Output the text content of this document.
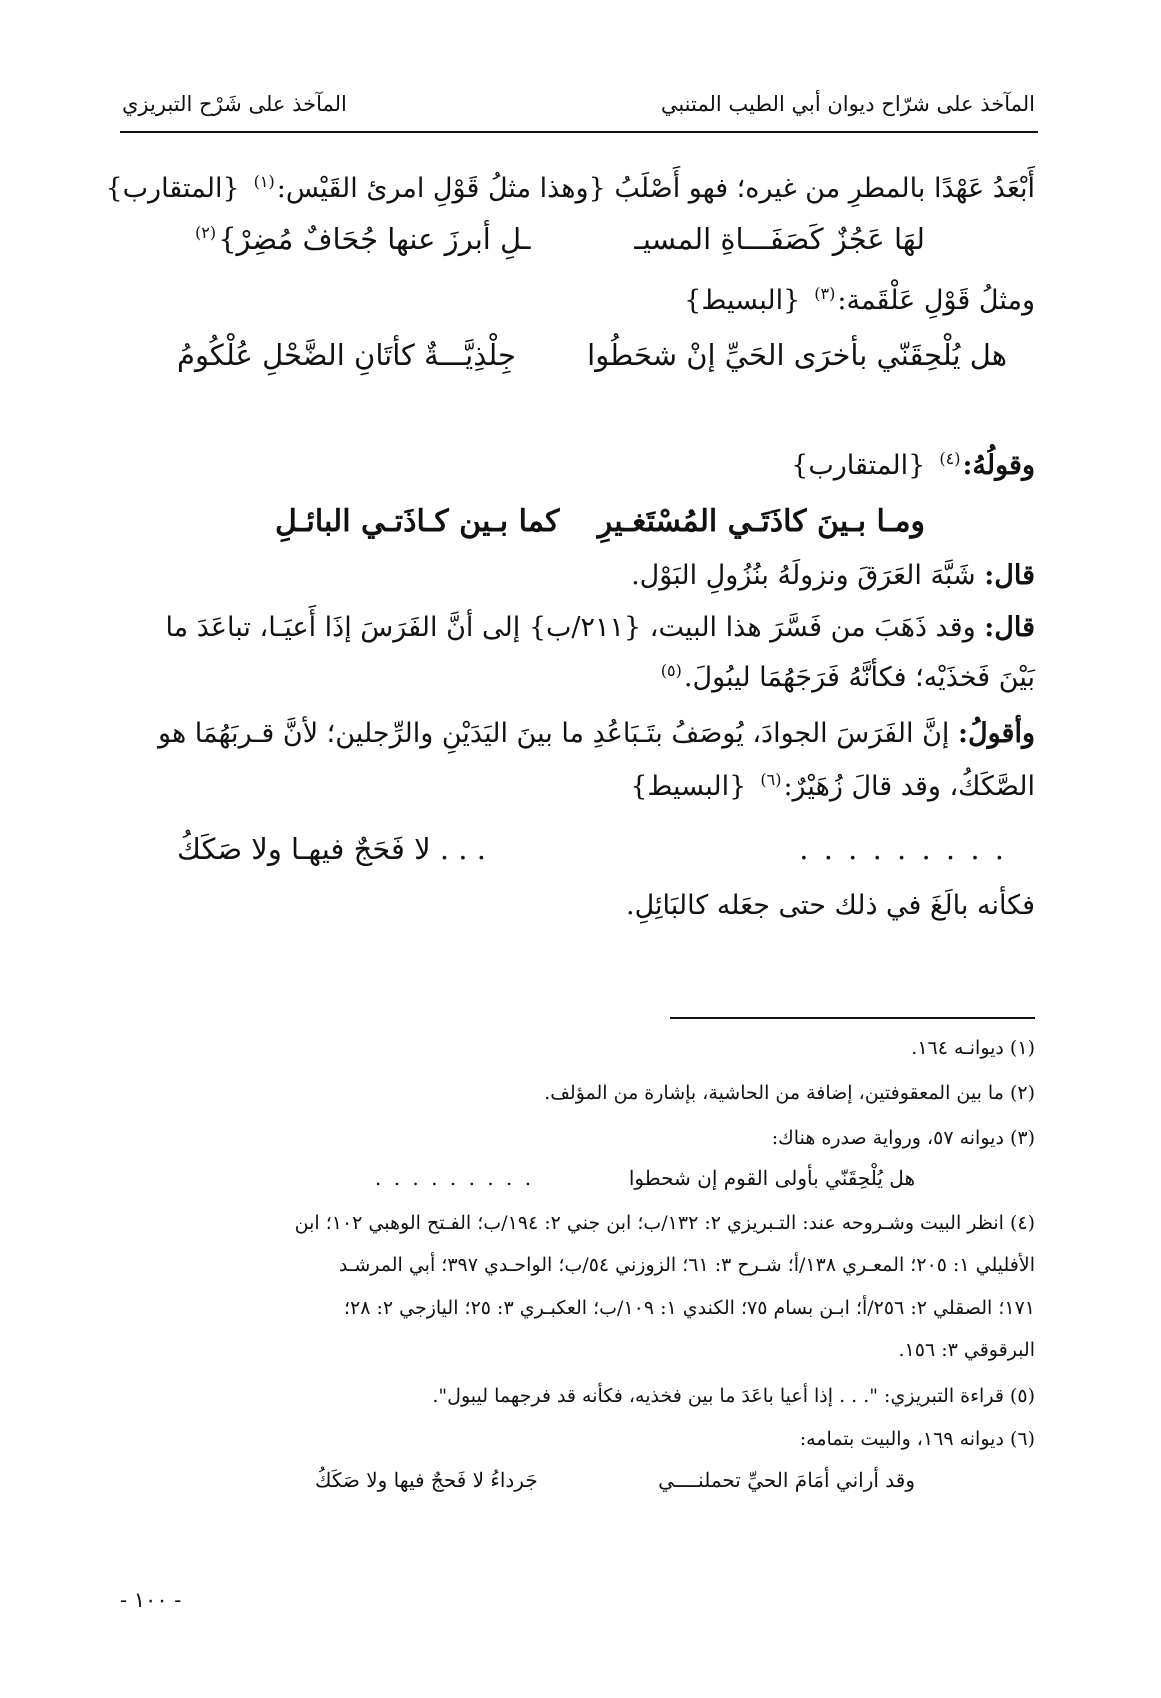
المآخذ على شرّاح ديوان أبي الطيب المتنبي
المآخذ على شَرْح التبريزي
أَبْعَدُ عَهْدًا بالمطرِ من غيره؛ فهو أَصْلَبُ {وهذا مثلُ قَوْلِ امرئ القَيْس:$^{(١)}${المتقارب}
لهَا عَجُزٌ كَصَفَـــاةِ المسيـ
ـلِ أبرزَ عنها جُحَافٌ مُضِرْ}$^{(٢)}$
ومثلُ قَوْلِ عَلْقَمة:$^{(٣)}${البسيط}
هل يُلْحِقَنّي بأخرَى الحَيِّ إنْ شحَطُوا
جِلْذِيَّـــةٌ كأتَانِ الضَّحْلِ عُلْكُومُ
وقولُهُ:$^{(٤)}${المتقارب}
ومـا بـينَ كاذَتَـي المُسْتَغـيرِ
كما بـين كـاذَتـي البائـلِ
قال: شَبَّهَ العَرَقَ ونزولَهُ بنُزُولِ البَوْل.
قال: وقد ذَهَبَ من فَسَّرَ هذا البيت، {٢١١/ب} إلى أنَّ الفَرَسَ إذَا أَعيَـا، تباعَدَ ما
بَيْنَ فَخذَيْه؛ فكأنَّهُ فَرَجَهُمَا ليبُولَ.$^{(٥)}$
وأقولُ: إنَّ الفَرَسَ الجوادَ، يُوصَفُ بتَـبَاعُدِ ما بينَ اليَدَيْنِ والرِّجلين؛ لأنَّ قـربَهُمَا هو
الصَّكَكُ، وقد قالَ زُهَيْرٌ:$^{(٦)}${البسيط}
. . . . . . . . .
. . . لا فَحَجٌ فيهـا ولا صَكَكُ
فكأنه بالَغَ في ذلك حتى جعَله كالبَائِلِ.
(١) ديوانـه ١٦٤.
(٢) ما بين المعقوفتين، إضافة من الحاشية، بإشارة من المؤلف.
(٣) ديوانه ٥٧، ورواية صدره هناك:
هل يُلْحِقَنّي بأولى القوم إن شحطوا
. . . . . . . . .
(٤) انظر البيت وشـروحه عند: التـبريزي ٢: ١٣٢/ب؛ ابن جني ٢: ١٩٤/ب؛ الفـتح الوهبي ١٠٢؛ ابن
الأفليلي ١: ٢٠٥؛ المعـري ١٣٨/أ؛ شـرح ٣: ٦١؛ الزوزني ٥٤/ب؛ الواحـدي ٣٩٧؛ أبي المرشـد
١٧١؛ الصقلي ٢: ٢٥٦/أ؛ ابـن بسام ٧٥؛ الكندي ١: ١٠٩/ب؛ العكبـري ٣: ٢٥؛ اليازجي ٢: ٢٨؛
البرقوقي ٣: ١٥٦.
(٥) قراءة التبريزي: ". . . إذا أعيا باعَدَ ما بين فخذيه، فكأنه قد فرجهما ليبول".
(٦) ديوانه ١٦٩، والبيت بتمامه:
وقد أراني أمَامَ الحيِّ تحملنــــي
جَرداءُ لا فَحجٌ فيها ولا صَكَكُ
- ١٠٠ -
